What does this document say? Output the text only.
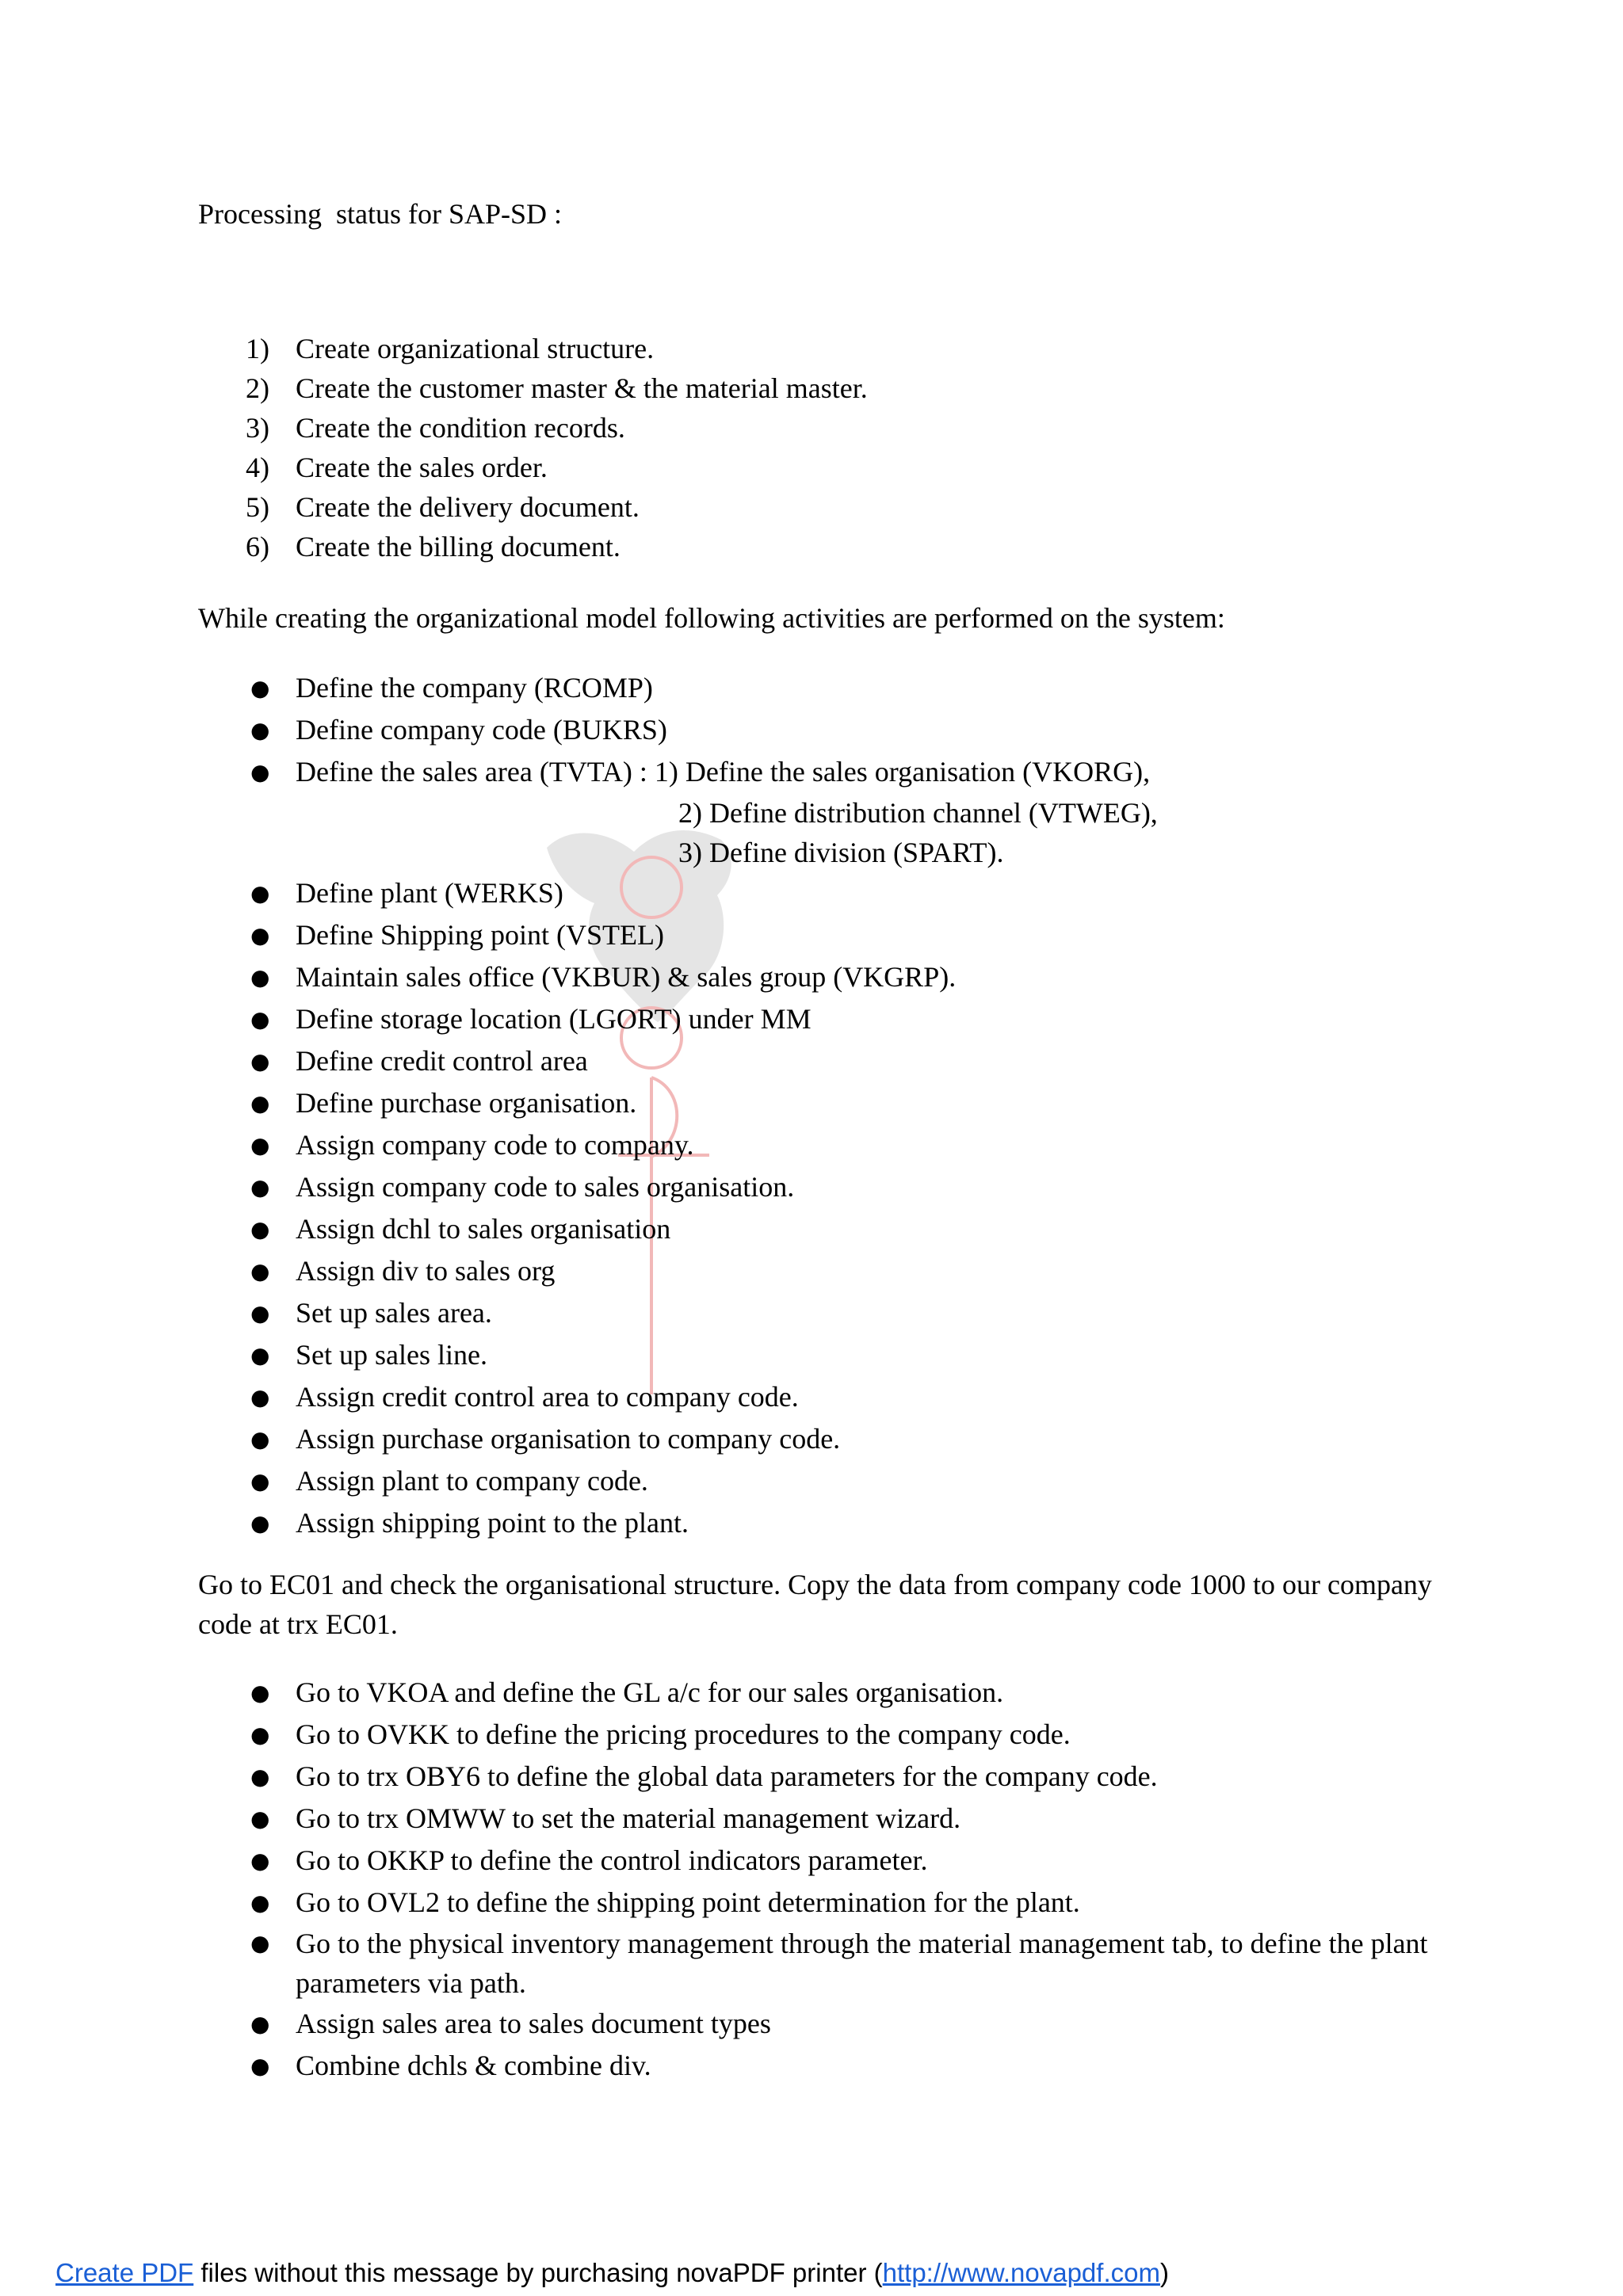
Processing  status for SAP-SD :
1) Create organizational structure.
2) Create the customer master & the material master.
3) Create the condition records.
4) Create the sales order.
5) Create the delivery document.
6) Create the billing document.

While creating the organizational model following activities are performed on the system:

● Define the company (RCOMP)
● Define company code (BUKRS)
● Define the sales area (TVTA) : 1) Define the sales organisation (VKORG),
2) Define distribution channel (VTWEG),
3) Define division (SPART).
● Define plant (WERKS)
● Define Shipping point (VSTEL)
● Maintain sales office (VKBUR) & sales group (VKGRP).
● Define storage location (LGORT) under MM
● Define credit control area
● Define purchase organisation.
● Assign company code to company.
● Assign company code to sales organisation.
● Assign dchl to sales organisation
● Assign div to sales org
● Set up sales area.
● Set up sales line.
● Assign credit control area to company code.
● Assign purchase organisation to company code.
● Assign plant to company code.
● Assign shipping point to the plant.

Go to EC01 and check the organisational structure. Copy the data from company code 1000 to our company code at trx EC01.

● Go to VKOA and define the GL a/c for our sales organisation.
● Go to OVKK to define the pricing procedures to the company code.
● Go to trx OBY6 to define the global data parameters for the company code.
● Go to trx OMWW to set the material management wizard.
● Go to OKKP to define the control indicators parameter.
● Go to OVL2 to define the shipping point determination for the plant.
● Go to the physical inventory management through the material management tab, to define the plant parameters via path.
● Assign sales area to sales document types
● Combine dchls & combine div.
Create PDF files without this message by purchasing novaPDF printer (http://www.novapdf.com)
